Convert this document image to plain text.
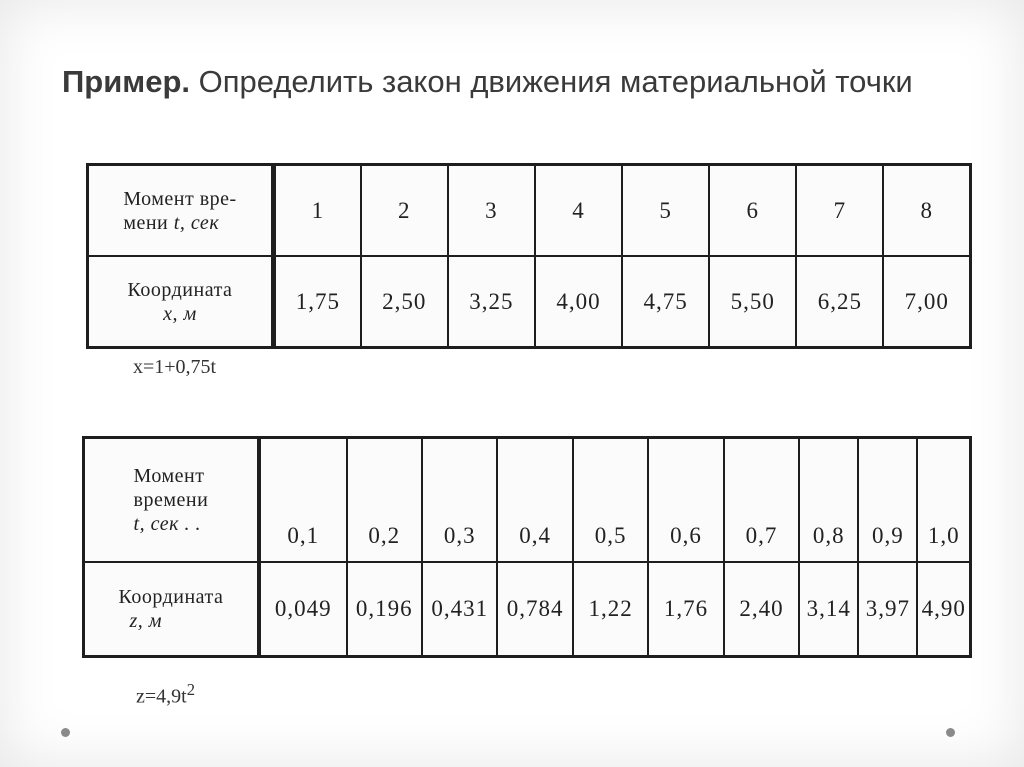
Пример. Определить закон движения материальной точки
Момент вре-
мени t, сек	1	2	3	4	5	6	7	8
Координата
x, м	1,75	2,50	3,25	4,00	4,75	5,50	6,25	7,00
x=1+0,75t
Момент
времени
t, сек . .	0,1	0,2	0,3	0,4	0,5	0,6	0,7	0,8	0,9	1,0
Координата
z, м	0,049	0,196	0,431	0,784	1,22	1,76	2,40	3,14	3,97	4,90
$z=4,9t^2$
